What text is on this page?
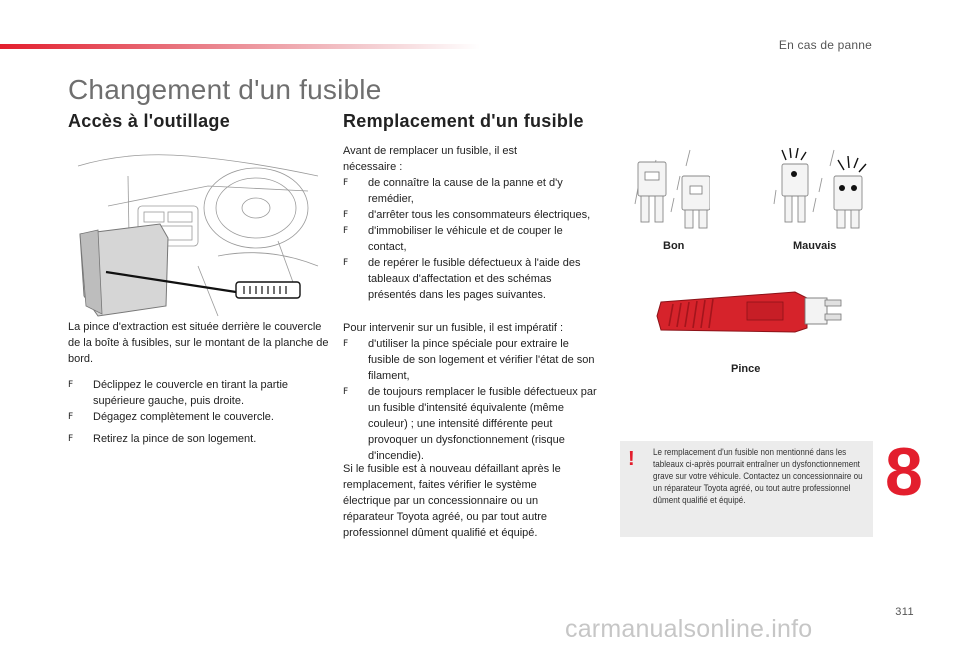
En cas de panne
Changement d'un fusible
Accès à l'outillage

La pince d'extraction est située derrière le couvercle de la boîte à fusibles, sur le montant de la planche de bord.

F	Déclippez le couvercle en tirant la partie supérieure gauche, puis droite.
F	Dégagez complètement le couvercle.
F	Retirez la pince de son logement.
Remplacement d'un fusible

Avant de remplacer un fusible, il est nécessaire :

F	de connaître la cause de la panne et d'y remédier,
F	d'arrêter tous les consommateurs électriques,
F	d'immobiliser le véhicule et de couper le contact,
F	de repérer le fusible défectueux à l'aide des tableaux d'affectation et des schémas présentés dans les pages suivantes.

Pour intervenir sur un fusible, il est impératif :

F	d'utiliser la pince spéciale pour extraire le fusible de son logement et vérifier l'état de son filament,
F	de toujours remplacer le fusible défectueux par un fusible d'intensité équivalente (même couleur) ; une intensité différente peut provoquer un dysfonctionnement (risque d'incendie).

Si le fusible est à nouveau défaillant après le remplacement, faites vérifier le système électrique par un concessionnaire ou un réparateur Toyota agréé, ou par tout autre professionnel dûment qualifié et équipé.

Bon	Mauvais
Pince
! Le remplacement d'un fusible non mentionné dans les tableaux ci-après pourrait entraîner un dysfonctionnement grave sur votre véhicule. Contactez un concessionnaire ou un réparateur Toyota agréé, ou tout autre professionnel dûment qualifié et équipé.	8
311
carmanualsonline.info
